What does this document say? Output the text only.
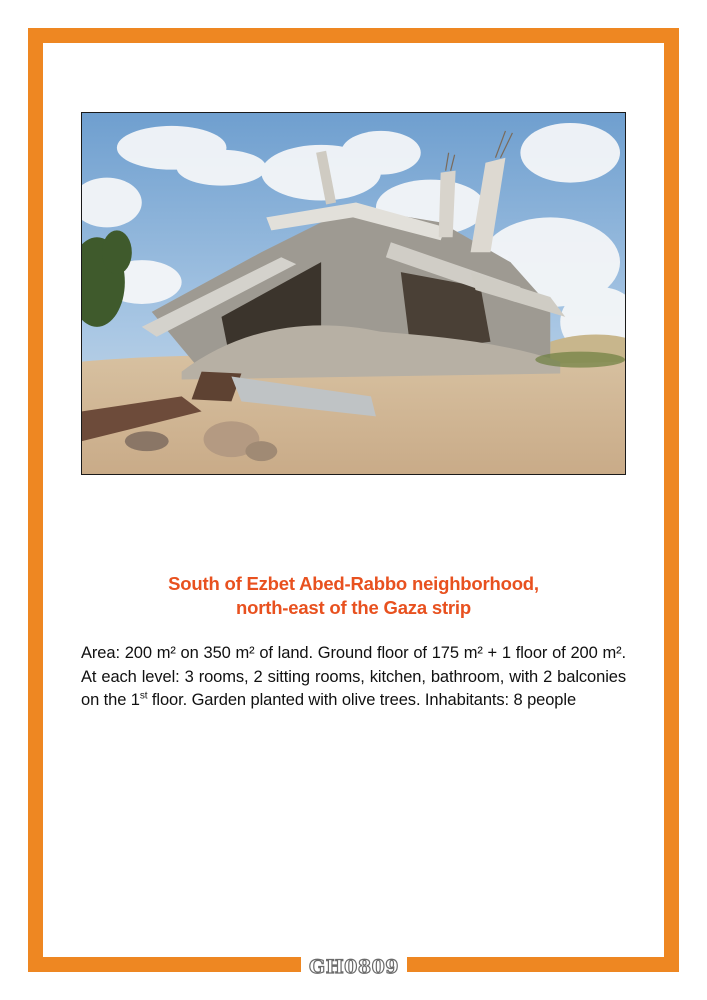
South of Ezbet Abed-Rabbo neighborhood,
north-east of the Gaza strip
Area: 200 m² on 350 m² of land. Ground floor of 175 m² + 1 floor of 200 m². At each level: 3 rooms, 2 sitting rooms, kitchen, bathroom, with 2 balconies on the 1st floor. Garden planted with olive trees. Inhabitants: 8 people
GH0809
